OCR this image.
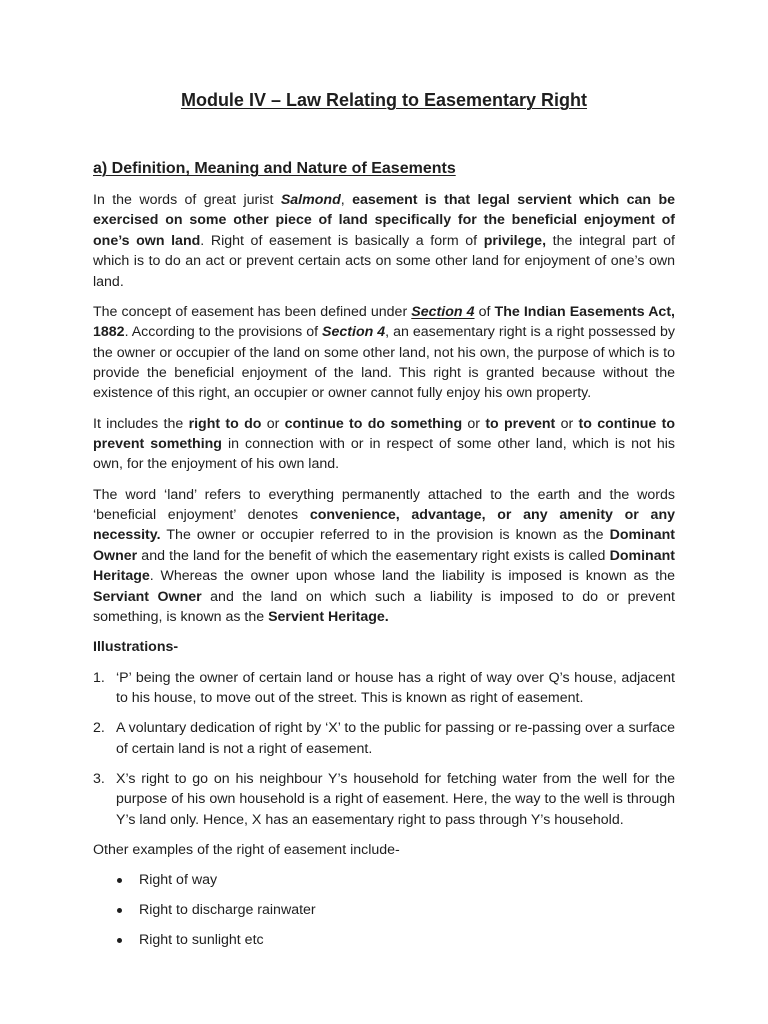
Module IV – Law Relating to Easementary Right
a) Definition, Meaning and Nature of Easements

In the words of great jurist Salmond, easement is that legal servient which can be exercised on some other piece of land specifically for the beneficial enjoyment of one’s own land. Right of easement is basically a form of privilege, the integral part of which is to do an act or prevent certain acts on some other land for enjoyment of one’s own land.

The concept of easement has been defined under Section 4 of The Indian Easements Act, 1882. According to the provisions of Section 4, an easementary right is a right possessed by the owner or occupier of the land on some other land, not his own, the purpose of which is to provide the beneficial enjoyment of the land. This right is granted because without the existence of this right, an occupier or owner cannot fully enjoy his own property.

It includes the right to do or continue to do something or to prevent or to continue to prevent something in connection with or in respect of some other land, which is not his own, for the enjoyment of his own land.

The word ‘land’ refers to everything permanently attached to the earth and the words ‘beneficial enjoyment’ denotes convenience, advantage, or any amenity or any necessity. The owner or occupier referred to in the provision is known as the Dominant Owner and the land for the benefit of which the easementary right exists is called Dominant Heritage. Whereas the owner upon whose land the liability is imposed is known as the Serviant Owner and the land on which such a liability is imposed to do or prevent something, is known as the Servient Heritage.

Illustrations-

1. ‘P’ being the owner of certain land or house has a right of way over Q’s house, adjacent to his house, to move out of the street. This is known as right of easement.
2. A voluntary dedication of right by ‘X’ to the public for passing or re-passing over a surface of certain land is not a right of easement.
3. X’s right to go on his neighbour Y’s household for fetching water from the well for the purpose of his own household is a right of easement. Here, the way to the well is through Y’s land only. Hence, X has an easementary right to pass through Y’s household.

Other examples of the right of easement include-

Right of way
Right to discharge rainwater
Right to sunlight etc
